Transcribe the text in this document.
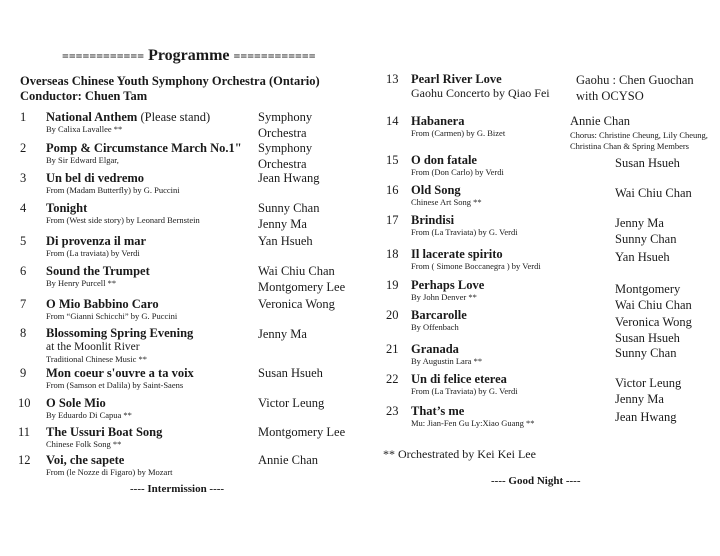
============ Programme ============
Overseas Chinese Youth Symphony Orchestra (Ontario)
Conductor: Chuen Tam
1 National Anthem (Please stand)
By Calixa Lavallee **
Symphony
Orchestra
2 Pomp & Circumstance March No.1"
By Sir Edward Elgar,
Symphony
Orchestra
3 Un bel di vedremo
From (Madam Butterfly) by G. Puccini
Jean Hwang
4 Tonight
From (West side story) by Leonard Bernstein
Sunny Chan
Jenny Ma
5 Di provenza il mar
From (La traviata) by Verdi
Yan Hsueh
6 Sound the Trumpet
By Henry Purcell **
Wai Chiu Chan
Montgomery Lee
7 O Mio Babbino Caro
From “Gianni Schicchi” by G. Puccini
Veronica Wong
8 Blossoming Spring Evening
at the Moonlit River
Traditional Chinese Music **
Jenny Ma
9 Mon coeur s'ouvre a ta voix
From (Samson et Dalila) by Saint-Saens
Susan Hsueh
10 O Sole Mio
By Eduardo Di Capua **
Victor Leung
11 The Ussuri Boat Song
Chinese Folk Song **
Montgomery Lee
12 Voi, che sapete
From (le Nozze di Figaro) by Mozart
Annie Chan
13 Pearl River Love
Gaohu Concerto by Qiao Fei
Gaohu : Chen Guochan
with OCYSO
14 Habanera
From (Carmen) by G. Bizet
Annie Chan
Chorus: Christine Cheung, Lily Cheung,
Christina Chan & Spring Members
15 O don fatale
From (Don Carlo) by Verdi
Susan Hsueh
16 Old Song
Chinese Art Song **
Wai Chiu Chan
17 Brindisi
From (La Traviata) by G. Verdi
Jenny Ma
Sunny Chan
18 Il lacerate spirito
From ( Simone Boccanegra ) by Verdi
Yan Hsueh
19 Perhaps Love
By John Denver **
Montgomery
Wai Chiu Chan
20 Barcarolle
By Offenbach	Veronica Wong
Susan Hsueh
21 Granada
By Augustin Lara **
Sunny Chan
22 Un di felice eterea
From (La Traviata) by G. Verdi
Victor Leung
Jenny Ma
23 That’s me
Mu: Jian-Fen Gu Ly:Xiao Guang **	Jean Hwang
---- Intermission ----
** Orchestrated by Kei Kei Lee
---- Good Night ----
